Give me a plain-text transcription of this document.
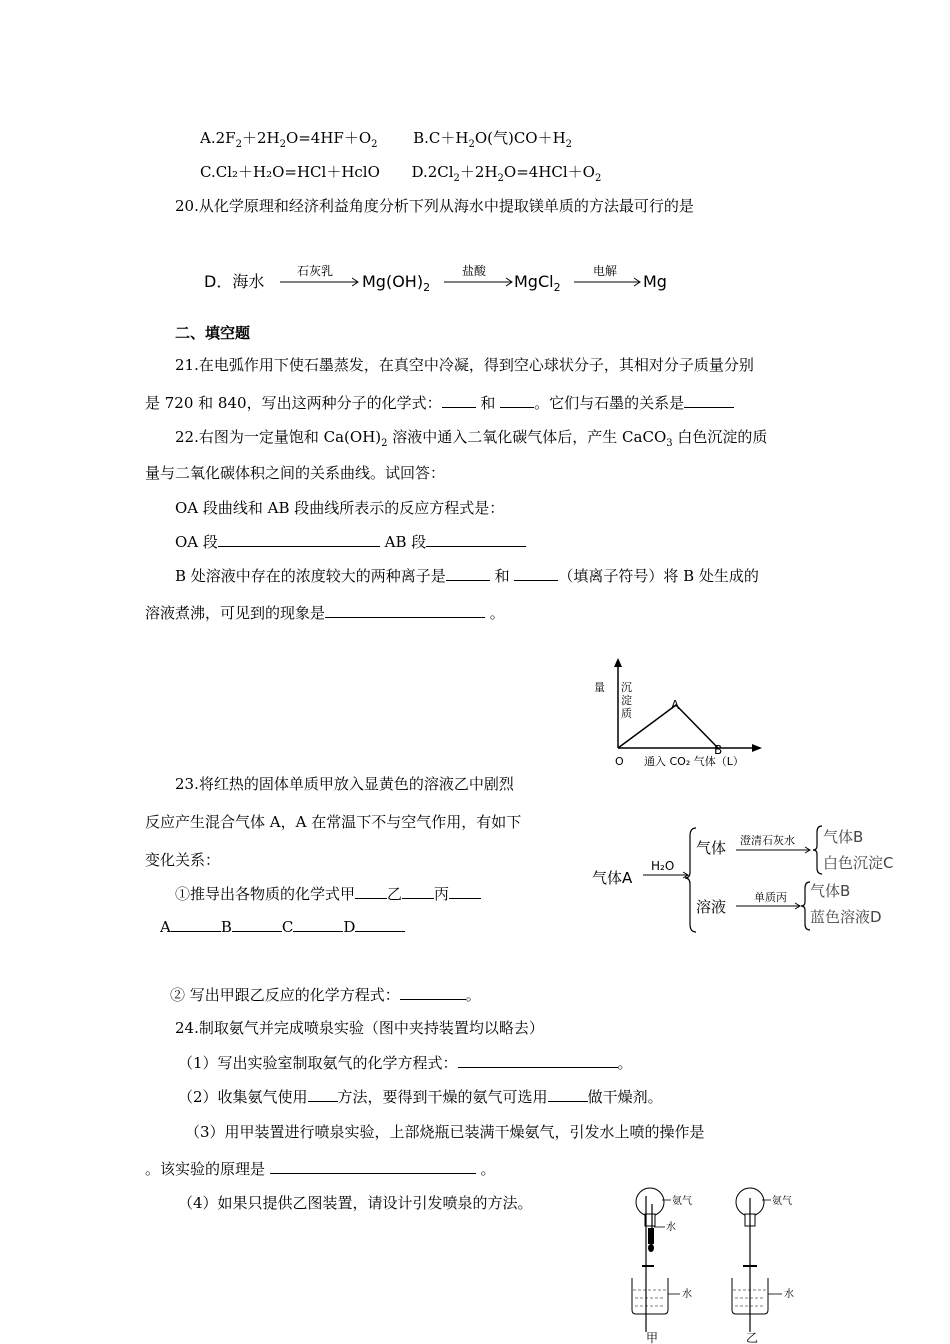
$A.2F_2+2H_2O=4HF+O_2$ $B.C+H_2O$(气)$CO+H_2$
C.Cl₂＋H₂O=HCl＋HclO $D.2Cl_2+2H_2O=4HCl+O_2$
20.从化学原理和经济利益角度分析下列从海水中提取镁单质的方法最可行的是
D．海水
石灰乳
$Mg(OH)_2$
盐酸
MgCl$_2$
电解
Mg
二、填空题
21.在电弧作用下使石墨蒸发，在真空中冷凝，得到空心球状分子，其相对分子质量分别
是 720 和 840，写出这两种分子的化学式： 和 。它们与石墨的关系是
22.右图为一定量饱和 $Ca(OH)_2$ 溶液中通入二氧化碳气体后，产生 CaCO$_3$ 白色沉淀的质
量与二氧化碳体积之间的关系曲线。试回答：
OA 段曲线和 AB 段曲线所表示的反应方程式是：
OA 段	AB 段
B 处溶液中存在的浓度较大的两种离子是	和	（填离子符号）将 B 处生成的
溶液煮沸，可见到的现象是	。
量 沉
淀
质
A
B
O 通入 CO₂ 气体（L）
23.将红热的固体单质甲放入显黄色的溶液乙中剧烈
反应产生混合气体 A，A 在常温下不与空气作用，有如下
变化关系：
①推导出各物质的化学式甲 乙 丙
A	B	C	D
② 写出甲跟乙反应的化学方程式：	。
气体A
H₂O
气体
溶液
澄清石灰水 气体B
白色沉淀C
单质丙 气体B
蓝色溶液D
24.制取氨气并完成喷泉实验（图中夹持装置均以略去）
（1）写出实验室制取氨气的化学方程式：	。
（2）收集氨气使用 方法，要得到干燥的氨气可选用	做干燥剂。
（3）用甲装置进行喷泉实验，上部烧瓶已装满干燥氨气，引发水上喷的操作是
。该实验的原理是	。
（4）如果只提供乙图装置，请设计引发喷泉的方法。	氨气
水
水
甲
氨气
水
乙
